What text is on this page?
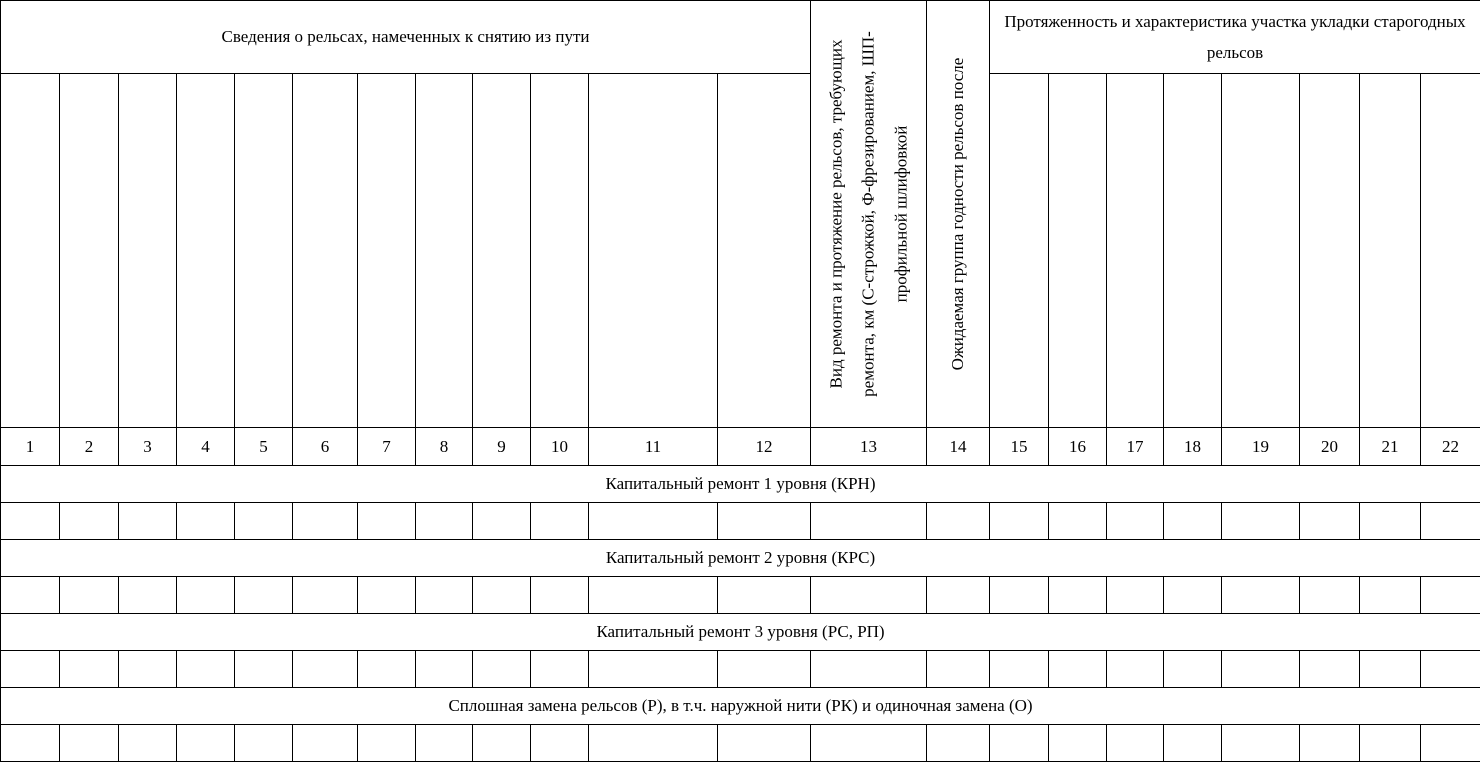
Сведения о рельсах, намеченных к снятию из пути												Вид ремонта и протяжение рельсов, требующих ремонта, км (С-строжкой, Ф-фрезированием, ШП-профильной шлифовкой	Ожидаемая группа годности рельсов после	Протяженность и характеристика участка укладки старогодных рельсов							

1	2	3	4	5	6	7	8	9	10	11	12	13	14	15	16	17	18	19	20	21	22
Капитальный ремонт 1 уровня (КРН)																					

Капитальный ремонт 2 уровня (КРС)																					

Капитальный ремонт 3 уровня (РС, РП)																					

Сплошная замена рельсов (Р), в т.ч. наружной нити (РК) и одиночная замена (О)																					
